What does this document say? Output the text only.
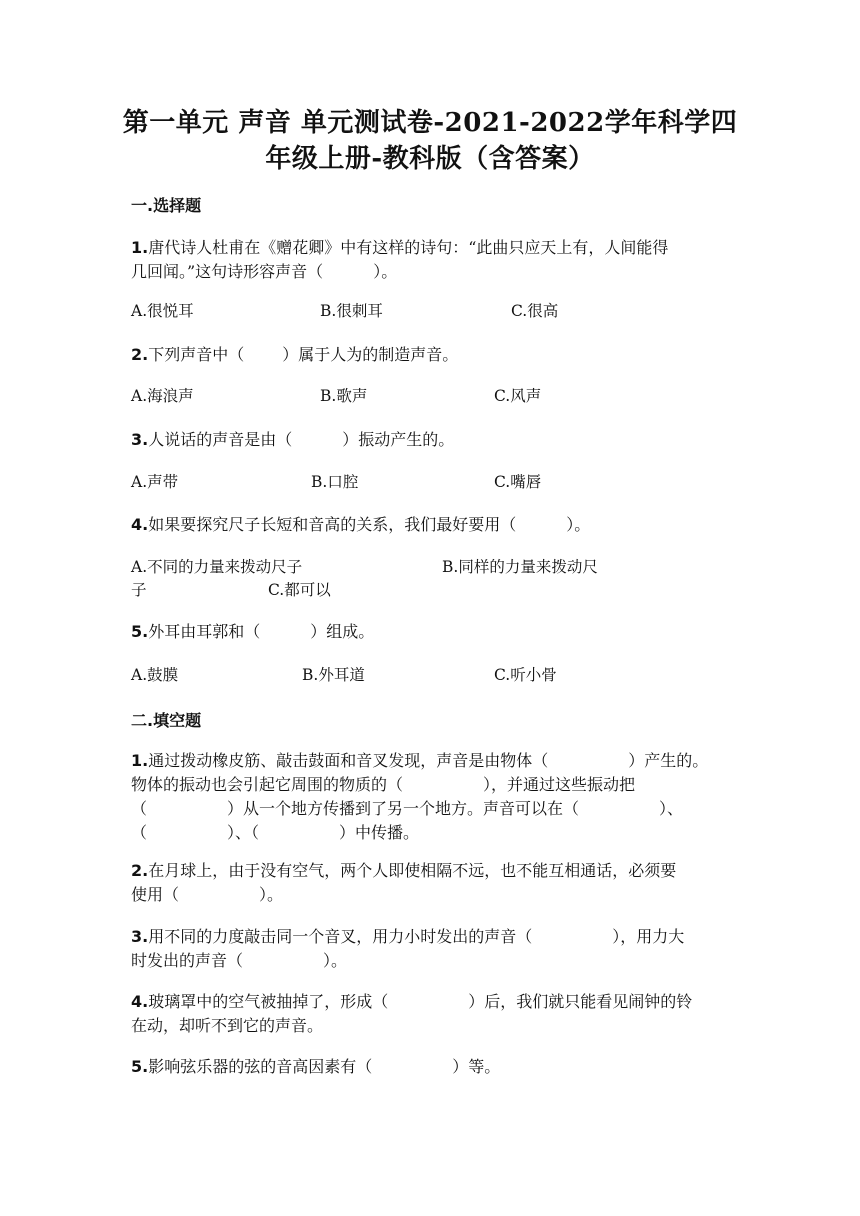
第一单元 声音 单元测试卷-2021-2022学年科学四
年级上册-教科版（含答案）
一.选择题
1.唐代诗人杜甫在《赠花卿》中有这样的诗句：“此曲只应天上有，人间能得
几回闻。”这句诗形容声音（	）。
A.很悦耳	B.很刺耳	C.很高
2.下列声音中（ ）属于人为的制造声音。
A.海浪声	B.歌声	C.风声
3.人说话的声音是由（	）振动产生的。
A.声带	B.口腔	C.嘴唇
4.如果要探究尺子长短和音高的关系，我们最好要用（	）。
A.不同的力量来拨动尺子	B.同样的力量来拨动尺
子	C.都可以
5.外耳由耳郭和（	）组成。
A.鼓膜	B.外耳道	C.听小骨
二.填空题
1.通过拨动橡皮筋、敲击鼓面和音叉发现，声音是由物体（	）产生的。
物体的振动也会引起它周围的物质的（	），并通过这些振动把
（	）从一个地方传播到了另一个地方。声音可以在（	）、
（	）、（	）中传播。
2.在月球上，由于没有空气，两个人即使相隔不远，也不能互相通话，必须要
使用（	）。
3.用不同的力度敲击同一个音叉，用力小时发出的声音（	），用力大
时发出的声音（	）。
4.玻璃罩中的空气被抽掉了，形成（	）后，我们就只能看见闹钟的铃
在动，却听不到它的声音。
5.影响弦乐器的弦的音高因素有（	）等。
